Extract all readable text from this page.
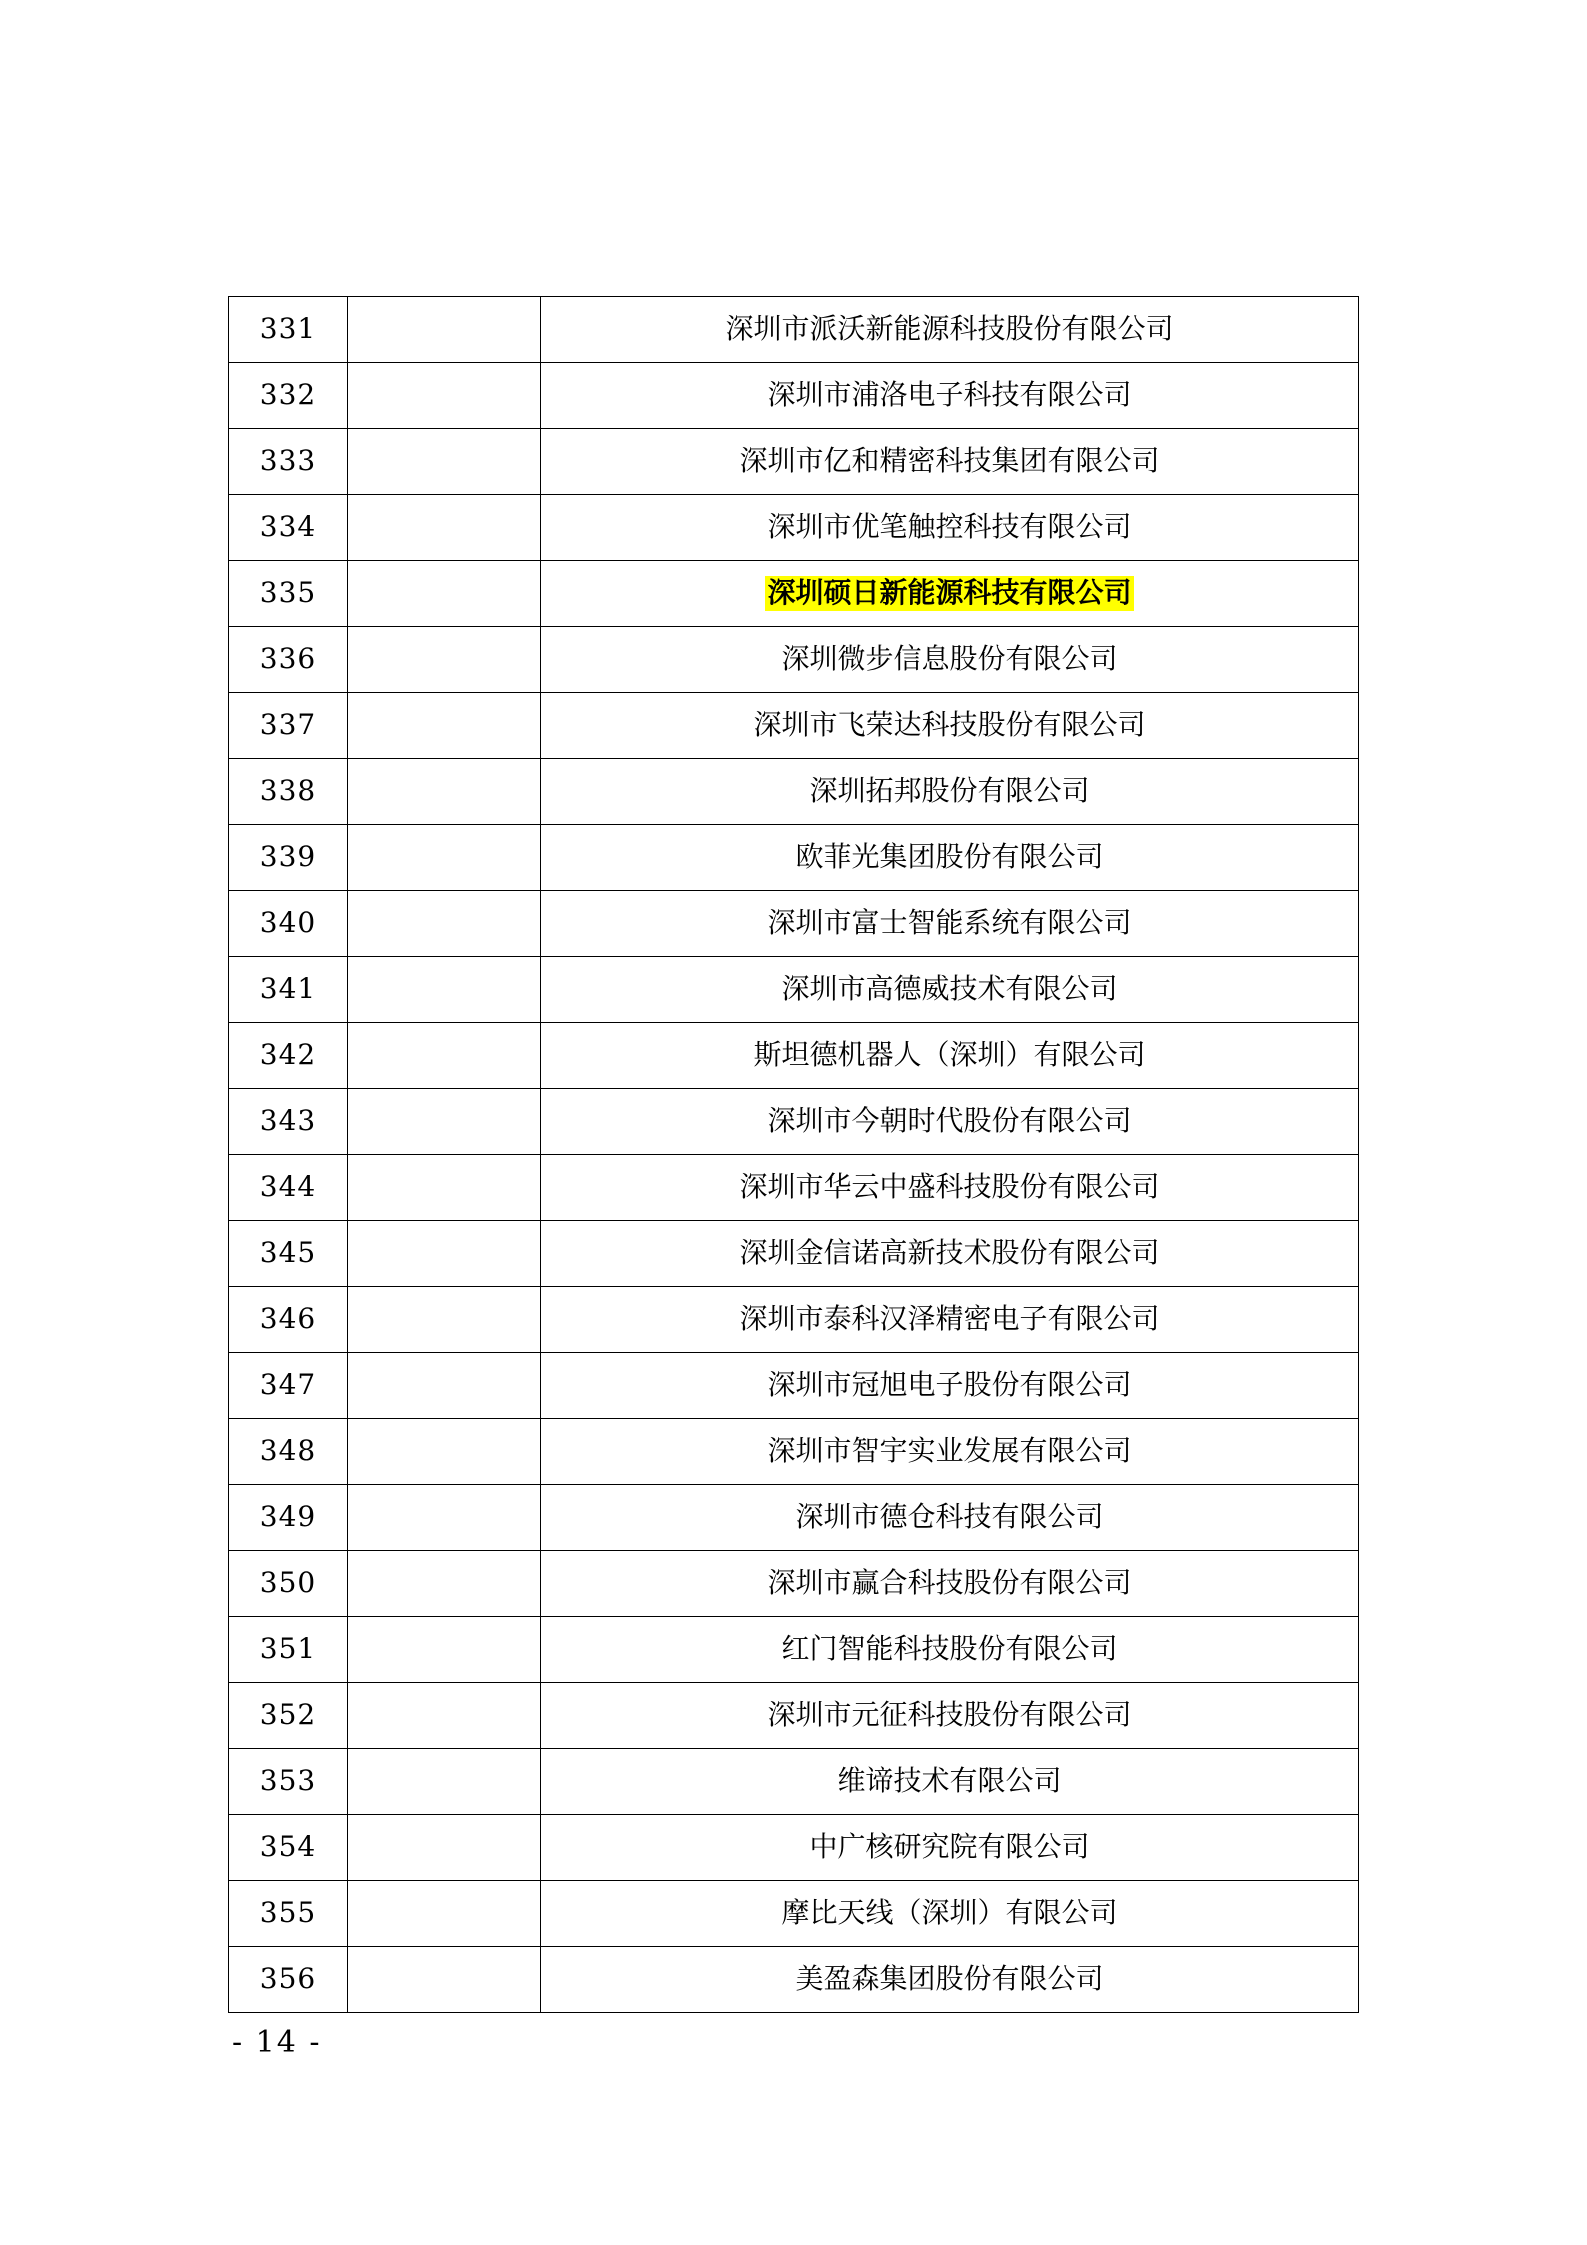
331		深圳市派沃新能源科技股份有限公司
332		深圳市浦洛电子科技有限公司
333		深圳市亿和精密科技集团有限公司
334		深圳市优笔触控科技有限公司
335		深圳硕日新能源科技有限公司
336		深圳微步信息股份有限公司
337		深圳市飞荣达科技股份有限公司
338		深圳拓邦股份有限公司
339		欧菲光集团股份有限公司
340		深圳市富士智能系统有限公司
341		深圳市高德威技术有限公司
342		斯坦德机器人（深圳）有限公司
343		深圳市今朝时代股份有限公司
344		深圳市华云中盛科技股份有限公司
345		深圳金信诺高新技术股份有限公司
346		深圳市泰科汉泽精密电子有限公司
347		深圳市冠旭电子股份有限公司
348		深圳市智宇实业发展有限公司
349		深圳市德仓科技有限公司
350		深圳市赢合科技股份有限公司
351		红门智能科技股份有限公司
352		深圳市元征科技股份有限公司
353		维谛技术有限公司
354		中广核研究院有限公司
355		摩比天线（深圳）有限公司
356		美盈森集团股份有限公司
- 14 -
